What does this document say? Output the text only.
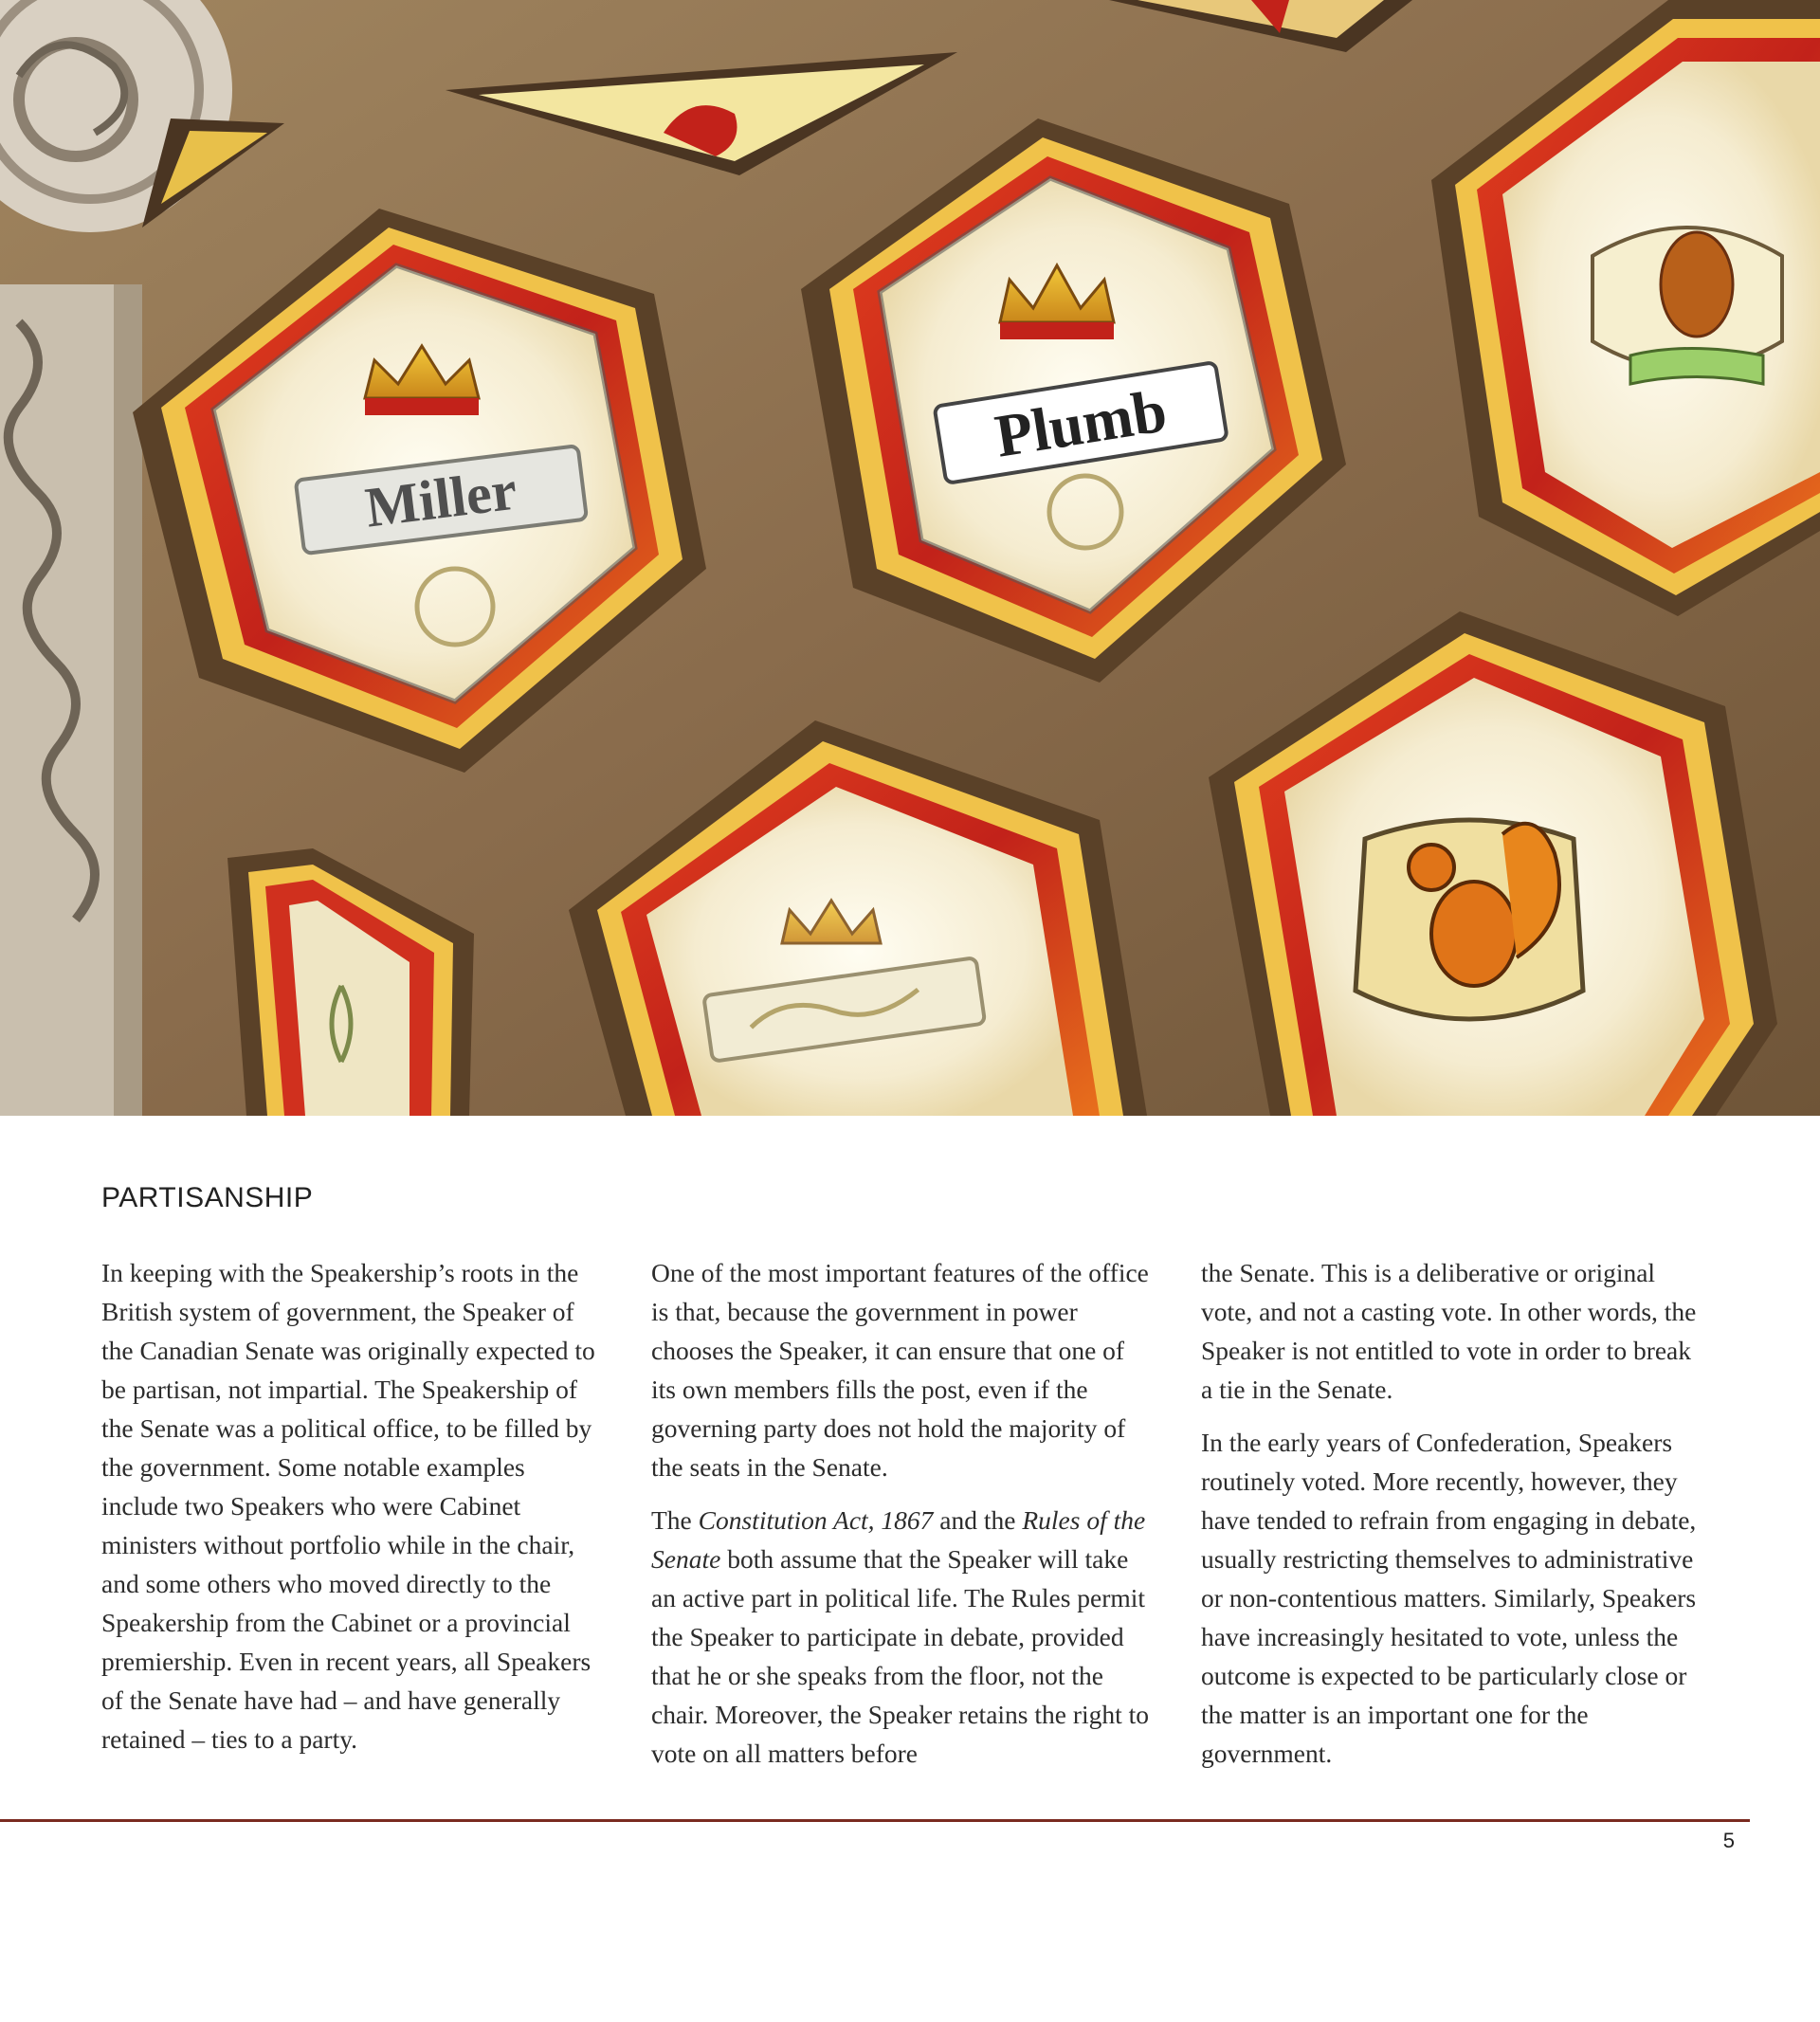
Miller
Plumb
PARTISANSHIP

In keeping with the Speakership’s roots in the British system of government, the Speaker of the Canadian Senate was originally expected to be partisan, not impartial. The Speakership of the Senate was a political office, to be filled by the government. Some notable examples include two Speakers who were Cabinet ministers without portfolio while in the chair, and some others who moved directly to the Speakership from the Cabinet or a provincial premiership. Even in recent years, all Speakers of the Senate have had – and have generally retained – ties to a party.

One of the most important features of the office is that, because the government in power chooses the Speaker, it can ensure that one of its own members fills the post, even if the governing party does not hold the majority of the seats in the Senate.

The Constitution Act, 1867 and the Rules of the Senate both assume that the Speaker will take an active part in political life. The Rules permit the Speaker to participate in debate, provided that he or she speaks from the floor, not the chair. Moreover, the Speaker retains the right to vote on all matters before

the Senate. This is a deliberative or original vote, and not a casting vote. In other words, the Speaker is not entitled to vote in order to break a tie in the Senate.

In the early years of Confederation, Speakers routinely voted. More recently, however, they have tended to refrain from engaging in debate, usually restricting themselves to administrative or non-contentious matters. Similarly, Speakers have increasingly hesitated to vote, unless the outcome is expected to be particularly close or the matter is an important one for the government.

5
